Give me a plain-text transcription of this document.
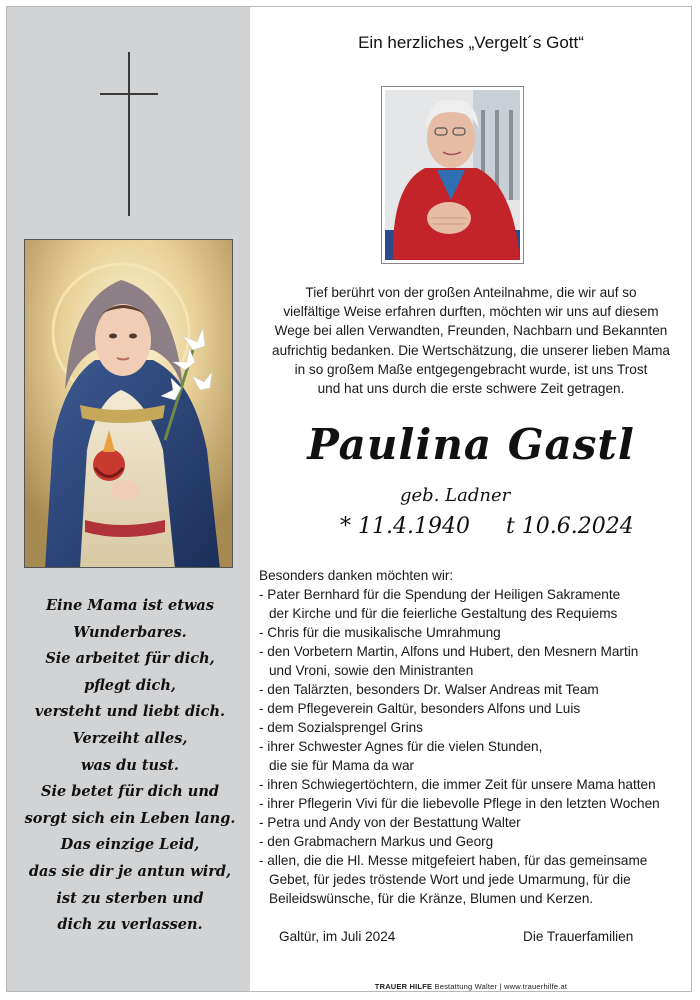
Eine Mama ist etwas
Wunderbares.
Sie arbeitet für dich,
pflegt dich,
versteht und liebt dich.
Verzeiht alles,
was du tust.
Sie betet für dich und
sorgt sich ein Leben lang.
Das einzige Leid,
das sie dir je antun wird,
ist zu sterben und
dich zu verlassen.
Ein herzliches „Vergelt´s Gott“
Tief berührt von der großen Anteilnahme, die wir auf so
vielfältige Weise erfahren durften, möchten wir uns auf diesem
Wege bei allen Verwandten, Freunden, Nachbarn und Bekannten
aufrichtig bedanken. Die Wertschätzung, die unserer lieben Mama
in so großem Maße entgegengebracht wurde, ist uns Trost
und hat uns durch die erste schwere Zeit getragen.
Paulina Gastl
geb. Ladner
* 11.4.1940 t 10.6.2024
Besonders danken möchten wir:
- Pater Bernhard für die Spendung der Heiligen Sakramente
der Kirche und für die feierliche Gestaltung des Requiems
- Chris für die musikalische Umrahmung
- den Vorbetern Martin, Alfons und Hubert, den Mesnern Martin
und Vroni, sowie den Ministranten
- den Talärzten, besonders Dr. Walser Andreas mit Team
- dem Pflegeverein Galtür, besonders Alfons und Luis
- dem Sozialsprengel Grins
- ihrer Schwester Agnes für die vielen Stunden,
die sie für Mama da war
- ihren Schwiegertöchtern, die immer Zeit für unsere Mama hatten
- ihrer Pflegerin Vivi für die liebevolle Pflege in den letzten Wochen
- Petra und Andy von der Bestattung Walter
- den Grabmachern Markus und Georg
- allen, die die Hl. Messe mitgefeiert haben, für das gemeinsame
Gebet, für jedes tröstende Wort und jede Umarmung, für die
Beileidswünsche, für die Kränze, Blumen und Kerzen.
Galtür, im Juli 2024	Die Trauerfamilien
TRAUER HILFE Bestattung Walter | www.trauerhilfe.at
